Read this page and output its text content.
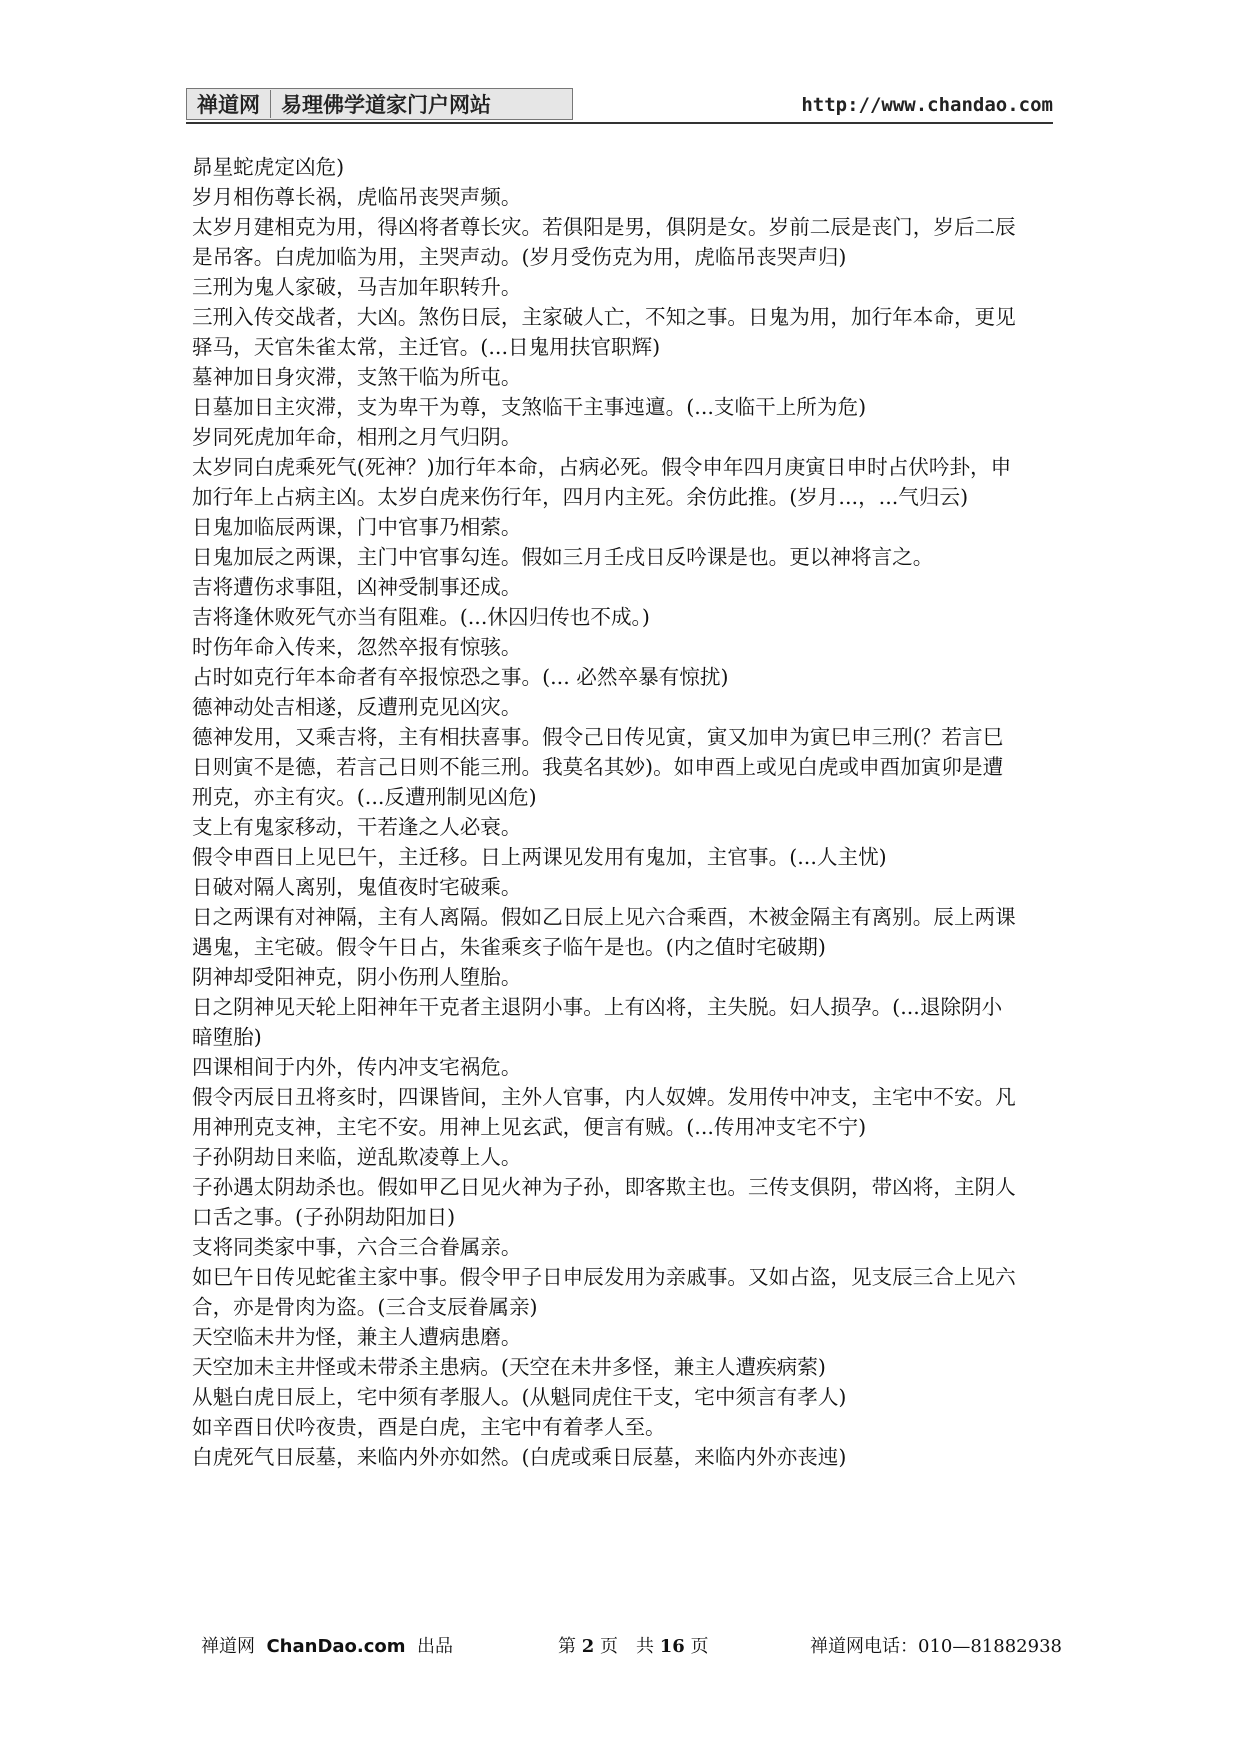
禅道网	易理佛学道家门户网站	http://www.chandao.com

昴星蛇虎定凶危)

岁月相伤尊长祸，虎临吊丧哭声频。

太岁月建相克为用，得凶将者尊长灾。若俱阳是男，俱阴是女。岁前二辰是丧门，岁后二辰

是吊客。白虎加临为用，主哭声动。(岁月受伤克为用，虎临吊丧哭声归)

三刑为鬼人家破，马吉加年职转升。

三刑入传交战者，大凶。煞伤日辰，主家破人亡，不知之事。日鬼为用，加行年本命，更见

驿马，天官朱雀太常，主迁官。(...日鬼用扶官职辉)

墓神加日身灾滞，支煞干临为所屯。

日墓加日主灾滞，支为卑干为尊，支煞临干主事迍邅。(...支临干上所为危)

岁同死虎加年命，相刑之月气归阴。

太岁同白虎乘死气(死神？)加行年本命，占病必死。假令申年四月庚寅日申时占伏吟卦，申

加行年上占病主凶。太岁白虎来伤行年，四月内主死。余仿此推。(岁月...，...气归云)

日鬼加临辰两课，门中官事乃相萦。

日鬼加辰之两课，主门中官事勾连。假如三月壬戌日反吟课是也。更以神将言之。

吉将遭伤求事阻，凶神受制事还成。

吉将逢休败死气亦当有阻难。(...休囚归传也不成。)

时伤年命入传来，忽然卒报有惊骇。

占时如克行年本命者有卒报惊恐之事。(... 必然卒暴有惊扰)

德神动处吉相遂，反遭刑克见凶灾。

德神发用，又乘吉将，主有相扶喜事。假令己日传见寅，寅又加申为寅巳申三刑(？若言巳

日则寅不是德，若言己日则不能三刑。我莫名其妙)。如申酉上或见白虎或申酉加寅卯是遭

刑克，亦主有灾。(...反遭刑制见凶危)

支上有鬼家移动，干若逢之人必衰。

假令申酉日上见巳午，主迁移。日上两课见发用有鬼加，主官事。(...人主忧)

日破对隔人离别，鬼值夜时宅破乘。

日之两课有对神隔，主有人离隔。假如乙日辰上见六合乘酉，木被金隔主有离别。辰上两课

遇鬼，主宅破。假令午日占，朱雀乘亥子临午是也。(内之值时宅破期)

阴神却受阳神克，阴小伤刑人堕胎。

日之阴神见天轮上阳神年干克者主退阴小事。上有凶将，主失脱。妇人损孕。(...退除阴小

暗堕胎)

四课相间于内外，传内冲支宅祸危。

假令丙辰日丑将亥时，四课皆间，主外人官事，内人奴婢。发用传中冲支，主宅中不安。凡

用神刑克支神，主宅不安。用神上见玄武，便言有贼。(...传用冲支宅不宁)

子孙阴劫日来临，逆乱欺凌尊上人。

子孙遇太阴劫杀也。假如甲乙日见火神为子孙，即客欺主也。三传支俱阴，带凶将，主阴人

口舌之事。(子孙阴劫阳加日)

支将同类家中事，六合三合眷属亲。

如巳午日传见蛇雀主家中事。假令甲子日申辰发用为亲戚事。又如占盗，见支辰三合上见六

合，亦是骨肉为盗。(三合支辰眷属亲)

天空临未井为怪，兼主人遭病患磨。

天空加未主井怪或未带杀主患病。(天空在未井多怪，兼主人遭疾病萦)

从魁白虎日辰上，宅中须有孝服人。(从魁同虎住干支，宅中须言有孝人)

如辛酉日伏吟夜贵，酉是白虎，主宅中有着孝人至。

白虎死气日辰墓，来临内外亦如然。(白虎或乘日辰墓，来临内外亦丧迍)

禅道网 ChanDao.com 出品	第 2 页　共 16 页	禅道网电话：010—81882938
